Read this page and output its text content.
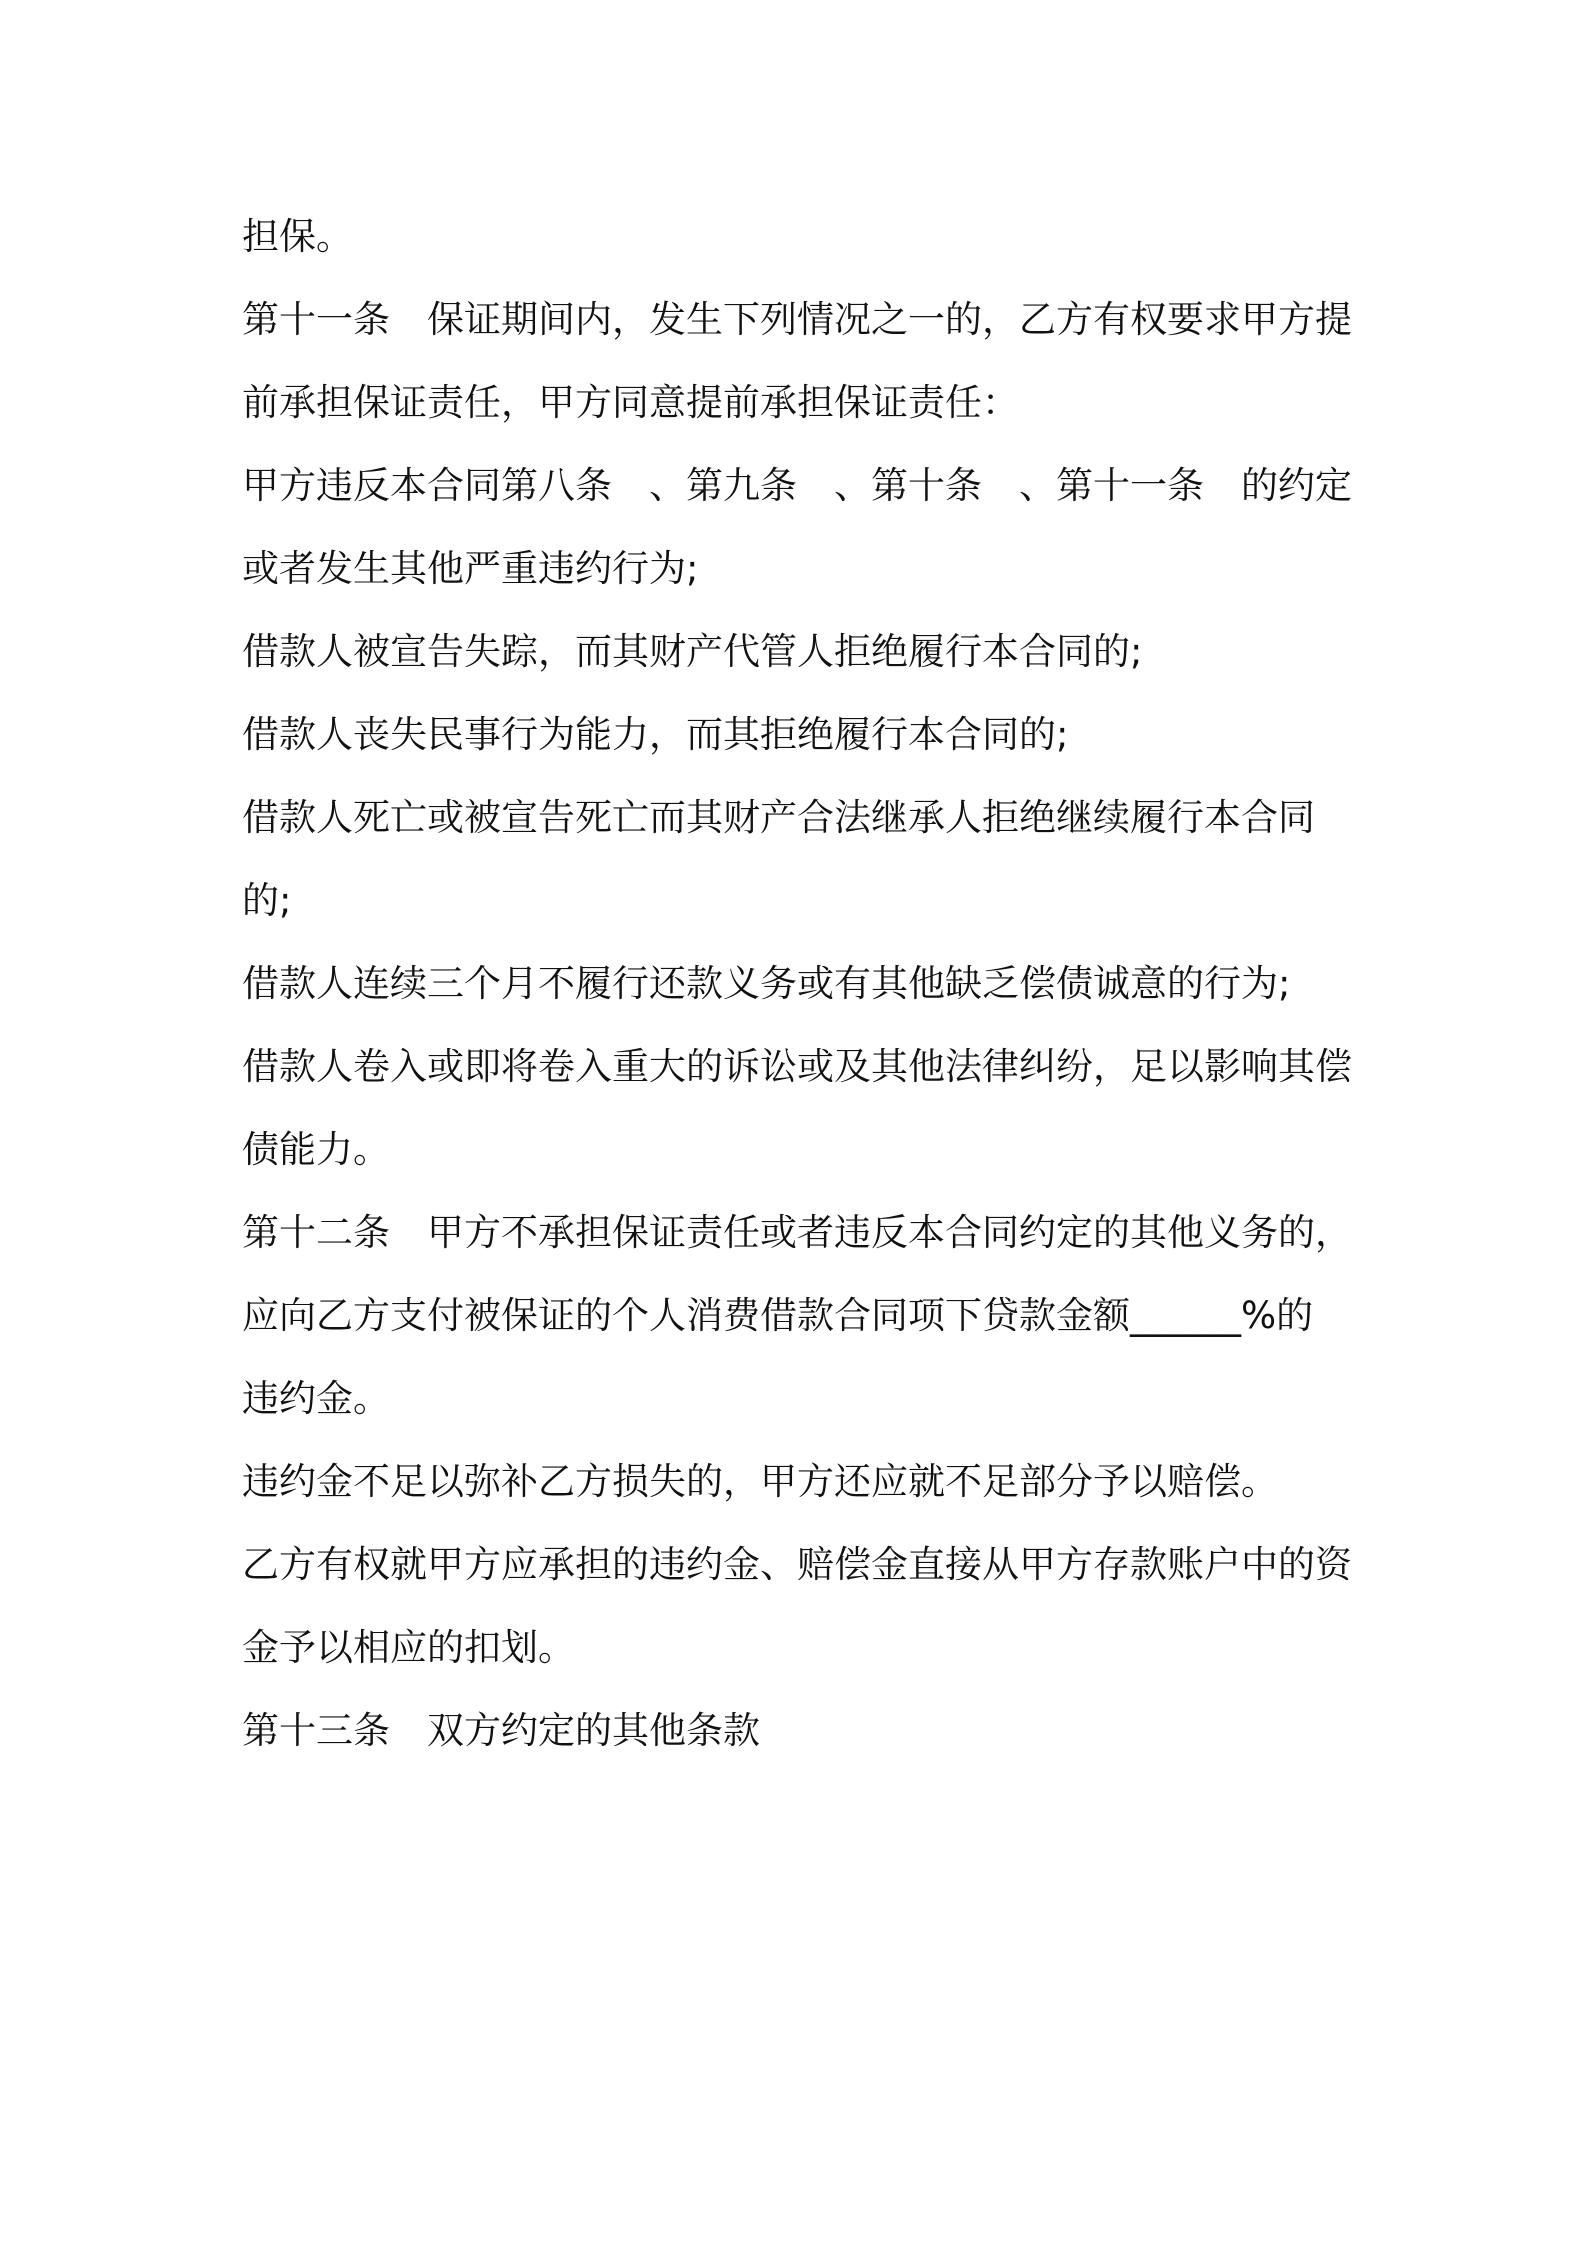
担保。
第十一条　保证期间内，发生下列情况之一的，乙方有权要求甲方提
前承担保证责任，甲方同意提前承担保证责任：
甲方违反本合同第八条　、第九条　、第十条　、第十一条　的约定
或者发生其他严重违约行为;
借款人被宣告失踪，而其财产代管人拒绝履行本合同的;
借款人丧失民事行为能力，而其拒绝履行本合同的;
借款人死亡或被宣告死亡而其财产合法继承人拒绝继续履行本合同
的;
借款人连续三个月不履行还款义务或有其他缺乏偿债诚意的行为;
借款人卷入或即将卷入重大的诉讼或及其他法律纠纷，足以影响其偿
债能力。
第十二条　甲方不承担保证责任或者违反本合同约定的其他义务的，
应向乙方支付被保证的个人消费借款合同项下贷款金额______%的
违约金。
违约金不足以弥补乙方损失的，甲方还应就不足部分予以赔偿。
乙方有权就甲方应承担的违约金、赔偿金直接从甲方存款账户中的资
金予以相应的扣划。
第十三条　双方约定的其他条款
